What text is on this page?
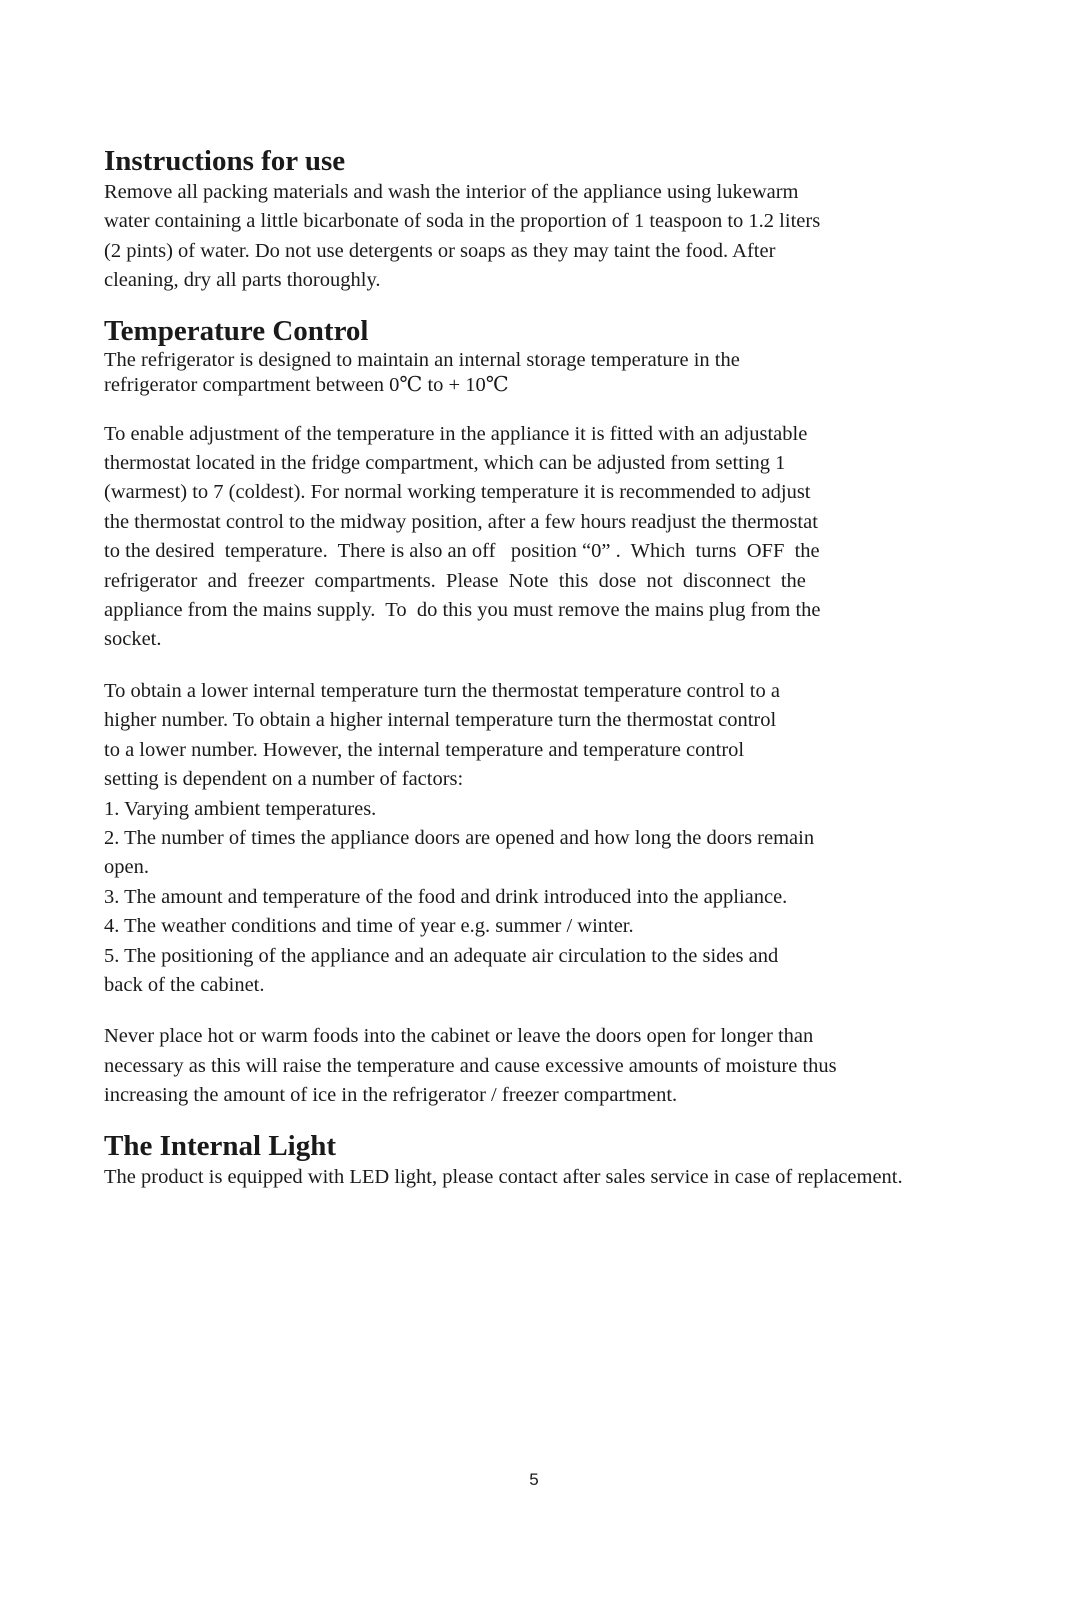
Instructions for use

Remove all packing materials and wash the interior of the appliance using lukewarm
water containing a little bicarbonate of soda in the proportion of 1 teaspoon to 1.2 liters
(2 pints) of water. Do not use detergents or soaps as they may taint the food. After
cleaning, dry all parts thoroughly.

Temperature Control

The refrigerator is designed to maintain an internal storage temperature in the
refrigerator compartment between 0℃ to + 10℃

To enable adjustment of the temperature in the appliance it is fitted with an adjustable
thermostat located in the fridge compartment, which can be adjusted from setting 1
(warmest) to 7 (coldest). For normal working temperature it is recommended to adjust
the thermostat control to the midway position, after a few hours readjust the thermostat
to the desired  temperature.  There is also an off   position “0” .  Which  turns  OFF  the
refrigerator  and  freezer  compartments.  Please  Note  this  dose  not  disconnect  the
appliance from the mains supply.  To  do this you must remove the mains plug from the
socket.

To obtain a lower internal temperature turn the thermostat temperature control to a
higher number. To obtain a higher internal temperature turn the thermostat control
to a lower number. However, the internal temperature and temperature control
setting is dependent on a number of factors:
1. Varying ambient temperatures.
2. The number of times the appliance doors are opened and how long the doors remain
open.
3. The amount and temperature of the food and drink introduced into the appliance.
4. The weather conditions and time of year e.g. summer / winter.
5. The positioning of the appliance and an adequate air circulation to the sides and
back of the cabinet.

Never place hot or warm foods into the cabinet or leave the doors open for longer than
necessary as this will raise the temperature and cause excessive amounts of moisture thus
increasing the amount of ice in the refrigerator / freezer compartment.

The Internal Light

The product is equipped with LED light, please contact after sales service in case of replacement.

5
